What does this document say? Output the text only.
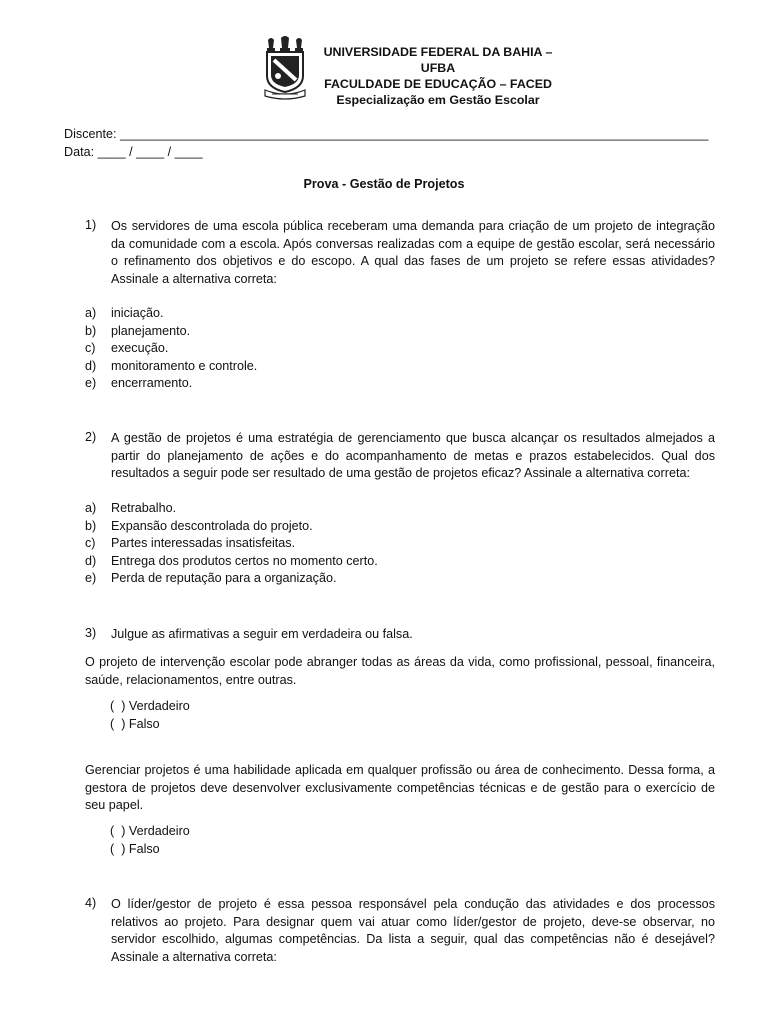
UNIVERSIDADE FEDERAL DA BAHIA – UFBA
FACULDADE DE EDUCAÇÃO – FACED
Especialização em Gestão Escolar
Discente: ____________________________________________________________________________________
Data: ____ / ____ / ____
Prova - Gestão de Projetos
1)	Os servidores de uma escola pública receberam uma demanda para criação de um projeto de integração da comunidade com a escola. Após conversas realizadas com a equipe de gestão escolar, será necessário o refinamento dos objetivos e do escopo. A qual das fases de um projeto se refere essas atividades? Assinale a alternativa correta:
a)	iniciação.
b)	planejamento.
c)	execução.
d)	monitoramento e controle.
e)	encerramento.
2)	A gestão de projetos é uma estratégia de gerenciamento que busca alcançar os resultados almejados a partir do planejamento de ações e do acompanhamento de metas e prazos estabelecidos. Qual dos resultados a seguir pode ser resultado de uma gestão de projetos eficaz? Assinale a alternativa correta:
a)	Retrabalho.
b)	Expansão descontrolada do projeto.
c)	Partes interessadas insatisfeitas.
d)	Entrega dos produtos certos no momento certo.
e)	Perda de reputação para a organização.
3)	Julgue as afirmativas a seguir em verdadeira ou falsa.
O projeto de intervenção escolar pode abranger todas as áreas da vida, como profissional, pessoal, financeira, saúde, relacionamentos, entre outras.
(  ) Verdadeiro
(  ) Falso
Gerenciar projetos é uma habilidade aplicada em qualquer profissão ou área de conhecimento. Dessa forma, a gestora de projetos deve desenvolver exclusivamente competências técnicas e de gestão para o exercício de seu papel.
(  ) Verdadeiro
(  ) Falso
4)	O líder/gestor de projeto é essa pessoa responsável pela condução das atividades e dos processos relativos ao projeto. Para designar quem vai atuar como líder/gestor de projeto, deve-se observar, no servidor escolhido, algumas competências. Da lista a seguir, qual das competências não é desejável? Assinale a alternativa correta:
